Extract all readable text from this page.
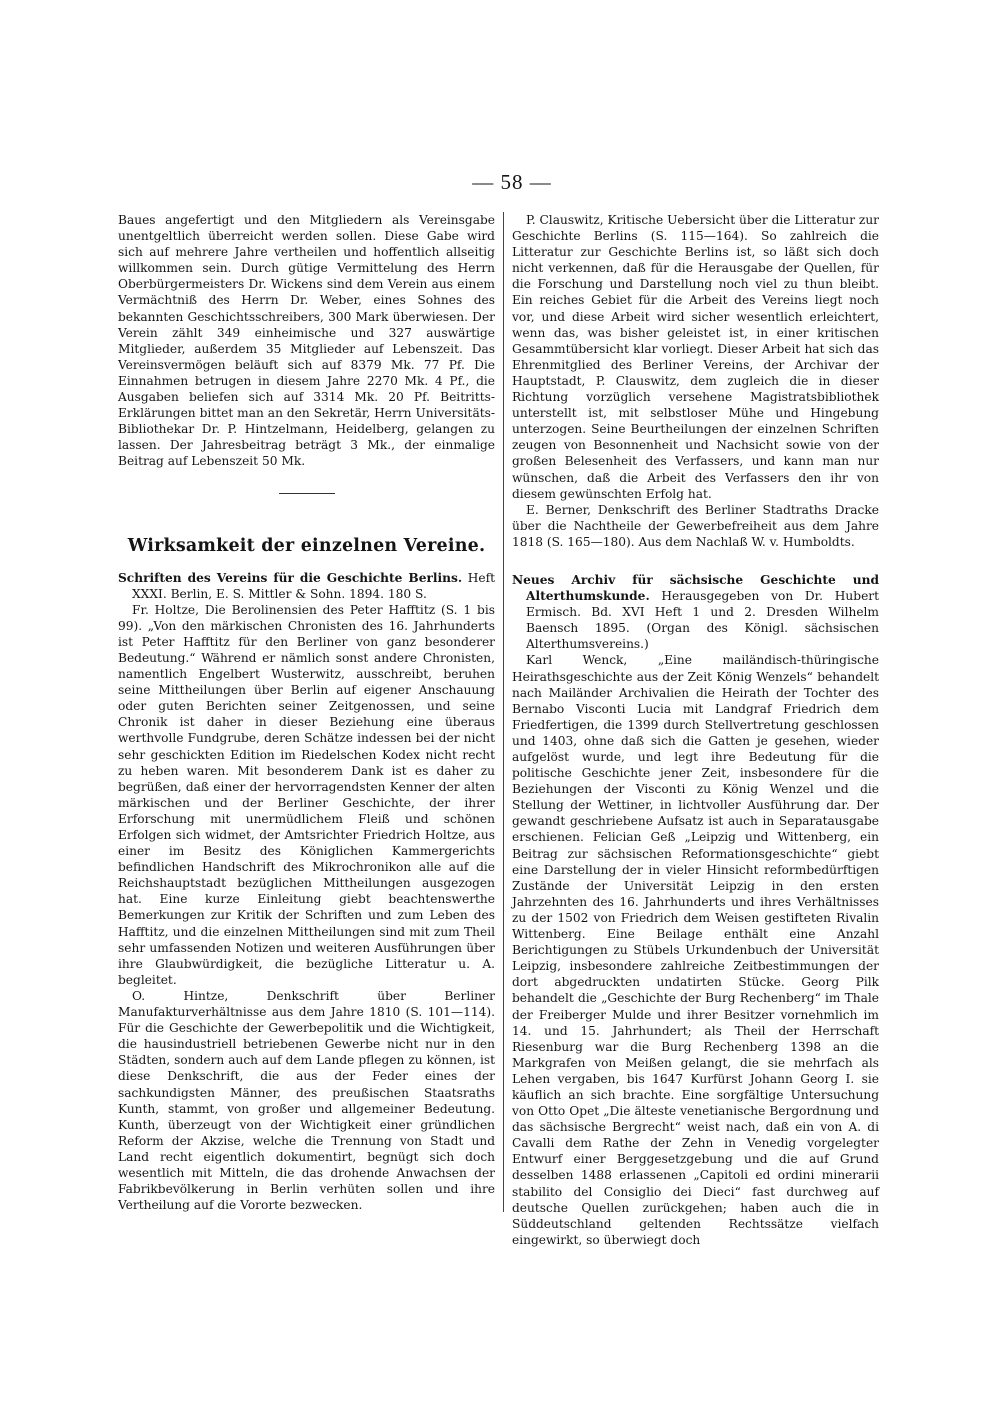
— 58 —

Baues angefertigt und den Mitgliedern als Vereinsgabe unentgeltlich überreicht werden sollen. Diese Gabe wird sich auf mehrere Jahre vertheilen und hoffentlich allseitig willkommen sein. Durch gütige Vermittelung des Herrn Oberbürgermeisters Dr. Wickens sind dem Verein aus einem Vermächtniß des Herrn Dr. Weber, eines Sohnes des bekannten Geschichtsschreibers, 300 Mark überwiesen. Der Verein zählt 349 einheimische und 327 auswärtige Mitglieder, außerdem 35 Mitglieder auf Lebenszeit. Das Vereinsvermögen beläuft sich auf 8379 Mk. 77 Pf. Die Einnahmen betrugen in diesem Jahre 2270 Mk. 4 Pf., die Ausgaben beliefen sich auf 3314 Mk. 20 Pf. Beitritts-Erklärungen bittet man an den Sekretär, Herrn Universitäts-Bibliothekar Dr. P. Hintzelmann, Heidelberg, gelangen zu lassen. Der Jahresbeitrag beträgt 3 Mk., der einmalige Beitrag auf Lebenszeit 50 Mk.

Wirksamkeit der einzelnen Vereine.

Schriften des Vereins für die Geschichte Berlins. Heft XXXI. Berlin, E. S. Mittler & Sohn. 1894. 180 S.

Fr. Holtze, Die Berolinensien des Peter Hafftitz (S. 1 bis 99). „Von den märkischen Chronisten des 16. Jahrhunderts ist Peter Hafftitz für den Berliner von ganz besonderer Bedeutung.“ Während er nämlich sonst andere Chronisten, namentlich Engelbert Wusterwitz, ausschreibt, beruhen seine Mittheilungen über Berlin auf eigener Anschauung oder guten Berichten seiner Zeitgenossen, und seine Chronik ist daher in dieser Beziehung eine überaus werthvolle Fundgrube, deren Schätze indessen bei der nicht sehr geschickten Edition im Riedelschen Kodex nicht recht zu heben waren. Mit besonderem Dank ist es daher zu begrüßen, daß einer der hervorragendsten Kenner der alten märkischen und der Berliner Geschichte, der ihrer Erforschung mit unermüdlichem Fleiß und schönen Erfolgen sich widmet, der Amtsrichter Friedrich Holtze, aus einer im Besitz des Königlichen Kammergerichts befindlichen Handschrift des Mikrochronikon alle auf die Reichshauptstadt bezüglichen Mittheilungen ausgezogen hat. Eine kurze Einleitung giebt beachtenswerthe Bemerkungen zur Kritik der Schriften und zum Leben des Hafftitz, und die einzelnen Mittheilungen sind mit zum Theil sehr umfassenden Notizen und weiteren Ausführungen über ihre Glaubwürdigkeit, die bezügliche Litteratur u. A. begleitet.

O. Hintze, Denkschrift über Berliner Manufakturverhältnisse aus dem Jahre 1810 (S. 101—114). Für die Geschichte der Gewerbepolitik und die Wichtigkeit, die hausindustriell betriebenen Gewerbe nicht nur in den Städten, sondern auch auf dem Lande pflegen zu können, ist diese Denkschrift, die aus der Feder eines der sachkundigsten Männer, des preußischen Staatsraths Kunth, stammt, von großer und allgemeiner Bedeutung. Kunth, überzeugt von der Wichtigkeit einer gründlichen Reform der Akzise, welche die Trennung von Stadt und Land recht eigentlich dokumentirt, begnügt sich doch wesentlich mit Mitteln, die das drohende Anwachsen der Fabrikbevölkerung in Berlin verhüten sollen und ihre Vertheilung auf die Vororte bezwecken.

P. Clauswitz, Kritische Uebersicht über die Litteratur zur Geschichte Berlins (S. 115—164). So zahlreich die Litteratur zur Geschichte Berlins ist, so läßt sich doch nicht verkennen, daß für die Herausgabe der Quellen, für die Forschung und Darstellung noch viel zu thun bleibt. Ein reiches Gebiet für die Arbeit des Vereins liegt noch vor, und diese Arbeit wird sicher wesentlich erleichtert, wenn das, was bisher geleistet ist, in einer kritischen Gesammtübersicht klar vorliegt. Dieser Arbeit hat sich das Ehrenmitglied des Berliner Vereins, der Archivar der Hauptstadt, P. Clauswitz, dem zugleich die in dieser Richtung vorzüglich versehene Magistratsbibliothek unterstellt ist, mit selbstloser Mühe und Hingebung unterzogen. Seine Beurtheilungen der einzelnen Schriften zeugen von Besonnenheit und Nachsicht sowie von der großen Belesenheit des Verfassers, und kann man nur wünschen, daß die Arbeit des Verfassers den ihr von diesem gewünschten Erfolg hat.

E. Berner, Denkschrift des Berliner Stadtraths Dracke über die Nachtheile der Gewerbefreiheit aus dem Jahre 1818 (S. 165—180). Aus dem Nachlaß W. v. Humboldts.

Neues Archiv für sächsische Geschichte und Alterthumskunde. Herausgegeben von Dr. Hubert Ermisch. Bd. XVI Heft 1 und 2. Dresden Wilhelm Baensch 1895. (Organ des Königl. sächsischen Alterthumsvereins.)

Karl Wenck, „Eine mailändisch-thüringische Heirathsgeschichte aus der Zeit König Wenzels“ behandelt nach Mailänder Archivalien die Heirath der Tochter des Bernabo Visconti Lucia mit Landgraf Friedrich dem Friedfertigen, die 1399 durch Stellvertretung geschlossen und 1403, ohne daß sich die Gatten je gesehen, wieder aufgelöst wurde, und legt ihre Bedeutung für die politische Geschichte jener Zeit, insbesondere für die Beziehungen der Visconti zu König Wenzel und die Stellung der Wettiner, in lichtvoller Ausführung dar. Der gewandt geschriebene Aufsatz ist auch in Separatausgabe erschienen. Felician Geß „Leipzig und Wittenberg, ein Beitrag zur sächsischen Reformationsgeschichte“ giebt eine Darstellung der in vieler Hinsicht reformbedürftigen Zustände der Universität Leipzig in den ersten Jahrzehnten des 16. Jahrhunderts und ihres Verhältnisses zu der 1502 von Friedrich dem Weisen gestifteten Rivalin Wittenberg. Eine Beilage enthält eine Anzahl Berichtigungen zu Stübels Urkundenbuch der Universität Leipzig, insbesondere zahlreiche Zeitbestimmungen der dort abgedruckten undatirten Stücke. Georg Pilk behandelt die „Geschichte der Burg Rechenberg“ im Thale der Freiberger Mulde und ihrer Besitzer vornehmlich im 14. und 15. Jahrhundert; als Theil der Herrschaft Riesenburg war die Burg Rechenberg 1398 an die Markgrafen von Meißen gelangt, die sie mehrfach als Lehen vergaben, bis 1647 Kurfürst Johann Georg I. sie käuflich an sich brachte. Eine sorgfältige Untersuchung von Otto Opet „Die älteste venetianische Bergordnung und das sächsische Bergrecht“ weist nach, daß ein von A. di Cavalli dem Rathe der Zehn in Venedig vorgelegter Entwurf einer Berggesetzgebung und die auf Grund desselben 1488 erlassenen „Capitoli ed ordini minerarii stabilito del Consiglio dei Dieci“ fast durchweg auf deutsche Quellen zurückgehen; haben auch die in Süddeutschland geltenden Rechtssätze vielfach eingewirkt, so überwiegt doch
